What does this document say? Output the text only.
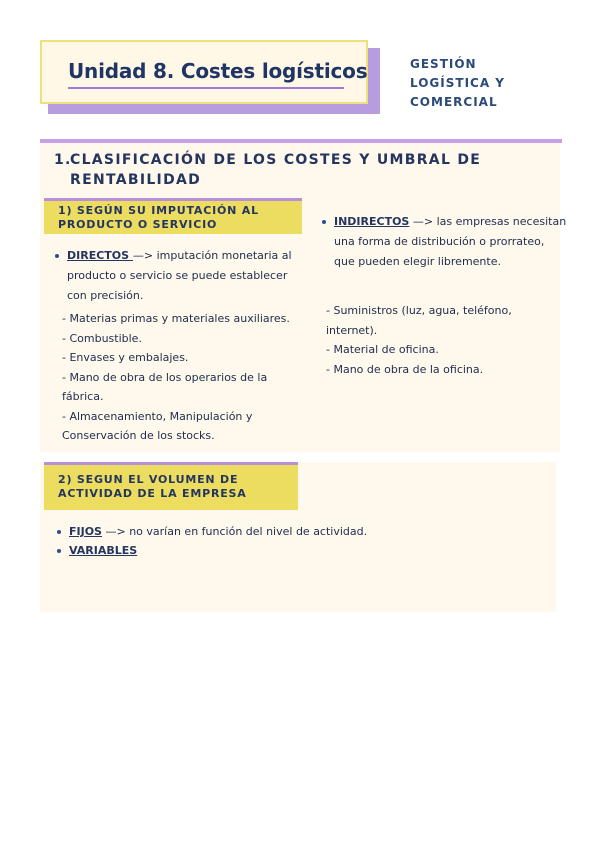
Unidad 8. Costes logísticos	GESTIÓN
LOGÍSTICA Y
COMERCIAL
1.CLASIFICACIÓN DE LOS COSTES Y UMBRAL DE
RENTABILIDAD
1) SEGÚN SU IMPUTACIÓN AL
PRODUCTO O SERVICIO
DIRECTOS —> imputación monetaria al
producto o servicio se puede establecer
con precisión.
- Materias primas y materiales auxiliares.
- Combustible.
- Envases y embalajes.
- Mano de obra de los operarios de la
fábrica.
- Almacenamiento, Manipulación y
Conservación de los stocks.
INDIRECTOS —> las empresas necesitan
una forma de distribución o prorrateo,
que pueden elegir libremente.
- Suministros (luz, agua, teléfono,
internet).
- Material de oficina.
- Mano de obra de la oficina.
2) SEGUN EL VOLUMEN DE
ACTIVIDAD DE LA EMPRESA
FIJOS —> no varían en función del nivel de actividad.
VARIABLES
